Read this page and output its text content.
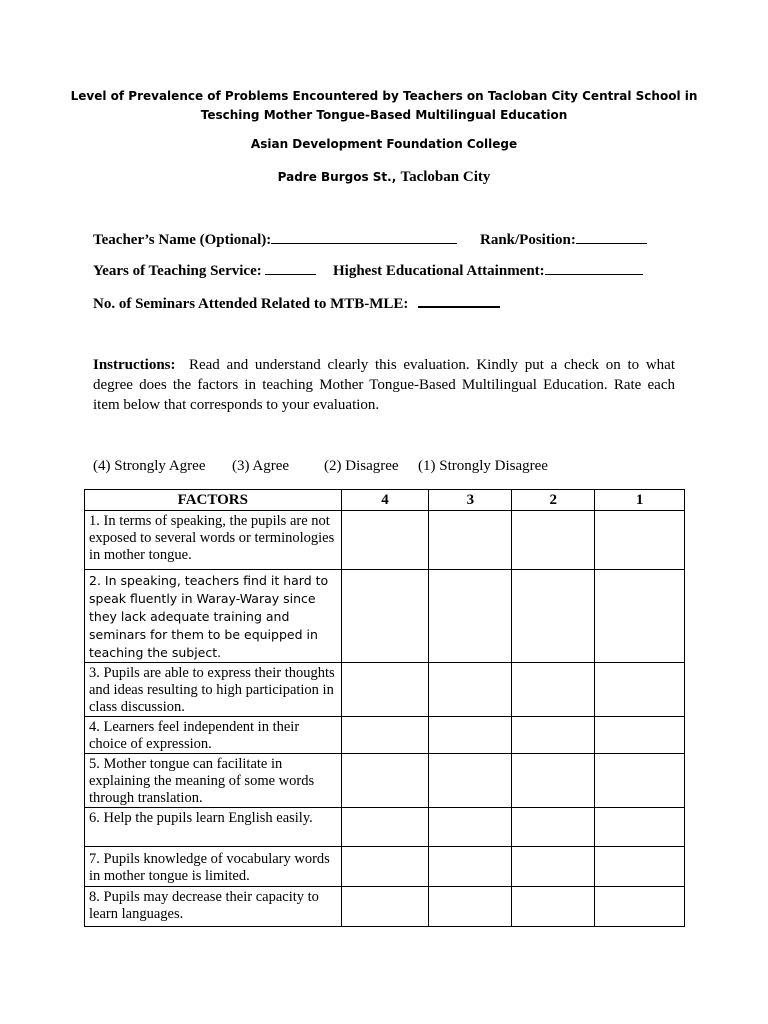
Level of Prevalence of Problems Encountered by Teachers on Tacloban City Central School in
Tesching Mother Tongue-Based Multilingual Education
Asian Development Foundation College
Padre Burgos St., Tacloban City
Teacher’s Name (Optional):	Rank/Position:
Years of Teaching Service:	Highest Educational Attainment:
No. of Seminars Attended Related to MTB-MLE:
Instructions: Read and understand clearly this evaluation. Kindly put a check on to what degree does the factors in teaching Mother Tongue-Based Multilingual Education. Rate each item below that corresponds to your evaluation.
(4) Strongly Agree (3) Agree (2) Disagree (1) Strongly Disagree
FACTORS	4	3	2	1
1. In terms of speaking, the pupils are not exposed to several words or terminologies in mother tongue.				
2. In speaking, teachers find it hard to speak fluently in Waray-Waray since they lack adequate training and seminars for them to be equipped in teaching the subject.				
3. Pupils are able to express their thoughts and ideas resulting to high participation in class discussion.				
4. Learners feel independent in their choice of expression.				
5. Mother tongue can facilitate in explaining the meaning of some words through translation.				
6. Help the pupils learn English easily.				
7. Pupils knowledge of vocabulary words in mother tongue is limited.				
8. Pupils may decrease their capacity to learn languages.				
